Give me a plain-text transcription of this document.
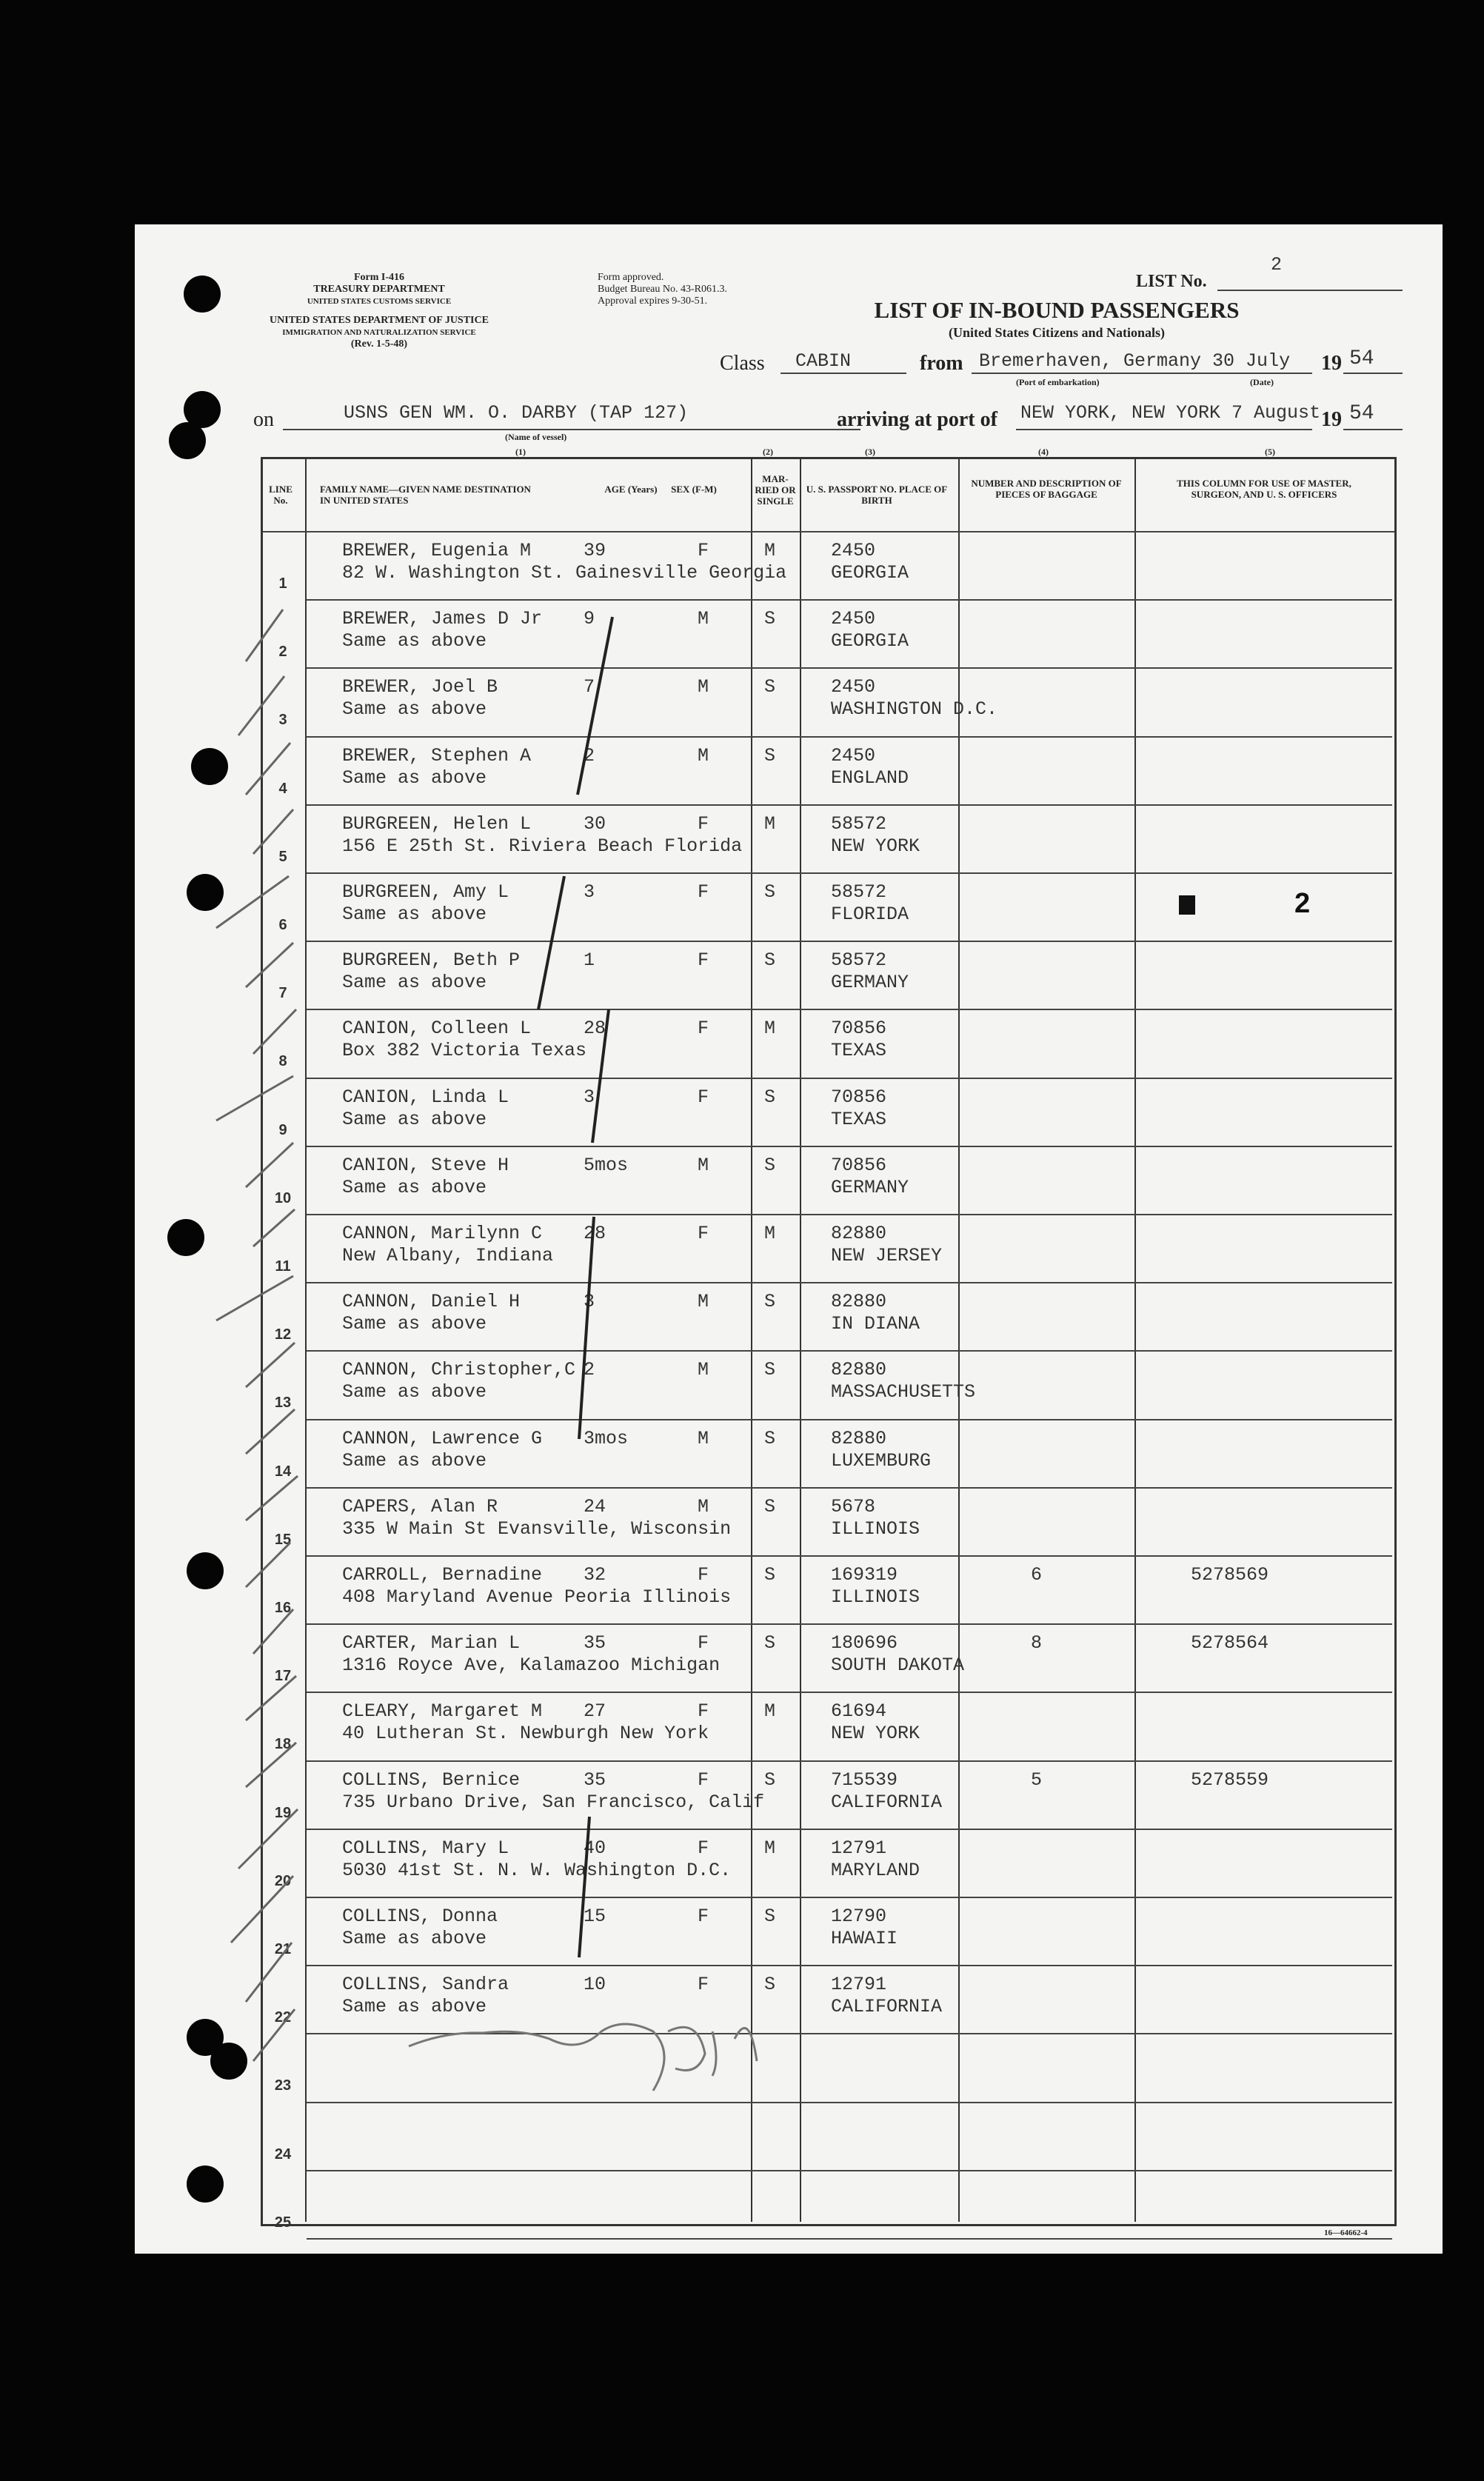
Form I-416
TREASURY DEPARTMENT
UNITED STATES CUSTOMS SERVICE
UNITED STATES DEPARTMENT OF JUSTICE
IMMIGRATION AND NATURALIZATION SERVICE
(Rev. 1-5-48)
Form approved.
Budget Bureau No. 43-R061.3.
Approval expires 9-30-51.
LIST No.
2
LIST OF IN-BOUND PASSENGERS
(United States Citizens and Nationals)
Class CABIN	from Bremerhaven, Germany 30 July
(Port of embarkation)	(Date)
19 54
on	USNS GEN WM. O. DARBY (TAP 127)
(Name of vessel)
arriving at port of NEW YORK, NEW YORK 7 August 19 54
(1)	(2)	(3)	(4)	(5)
LINE No.
FAMILY NAME—GIVEN NAME DESTINATION IN UNITED STATES
AGE (Years)	SEX (F-M)
MAR-RIED OR SINGLE
U. S. PASSPORT NO. PLACE OF BIRTH
NUMBER AND DESCRIPTION OF PIECES OF BAGGAGE
THIS COLUMN FOR USE OF MASTER, SURGEON, AND U. S. OFFICERS
1
BREWER, Eugenia M
82 W. Washington St. Gainesville Georgia
39	F	M	2450
GEORGIA
2
BREWER, James D Jr
Same as above
9	M	S	2450
GEORGIA
3
BREWER, Joel B
Same as above
7	M	S	2450
WASHINGTON D.C.
4
BREWER, Stephen A
Same as above
2	M	S	2450
ENGLAND
5
BURGREEN, Helen L
156 E 25th St. Riviera Beach Florida
30	F	M	58572
NEW YORK
6
BURGREEN, Amy L
Same as above
3	F	S	58572
FLORIDA
7
BURGREEN, Beth P
Same as above
1	F	S	58572
GERMANY
8
CANION, Colleen L
Box 382 Victoria Texas
28	F	M	70856
TEXAS
9
CANION, Linda L
Same as above
3	F	S	70856
TEXAS
10
CANION, Steve H
Same as above
5mos	M	S	70856
GERMANY
11
CANNON, Marilynn C
New Albany, Indiana
28	F	M	82880
NEW JERSEY
12
CANNON, Daniel H
Same as above
3	M	S	82880
IN DIANA
13
CANNON, Christopher,C
Same as above
2	M	S	82880
MASSACHUSETTS
14
CANNON, Lawrence G
Same as above
3mos	M	S	82880
LUXEMBURG
15
CAPERS, Alan R
335 W Main St Evansville, Wisconsin
24	M	S	5678
ILLINOIS
16
CARROLL, Bernadine
408 Maryland Avenue Peoria Illinois
32	F	S	169319
ILLINOIS
6	5278569
17
CARTER, Marian L
1316 Royce Ave, Kalamazoo Michigan
35	F	S	180696
SOUTH DAKOTA
8	5278564
18
CLEARY, Margaret M
40 Lutheran St. Newburgh New York
27	F	M	61694
NEW YORK
19
COLLINS, Bernice
735 Urbano Drive, San Francisco, Calif
35	F	S	715539
CALIFORNIA
5	5278559
20
COLLINS, Mary L
5030 41st St. N. W. Washington D.C.
40	F	M	12791
MARYLAND
21
COLLINS, Donna
Same as above
15	F	S	12790
HAWAII
22
COLLINS, Sandra
Same as above
10	F	S	12791
CALIFORNIA
23
24
25
2
16—64662-4
